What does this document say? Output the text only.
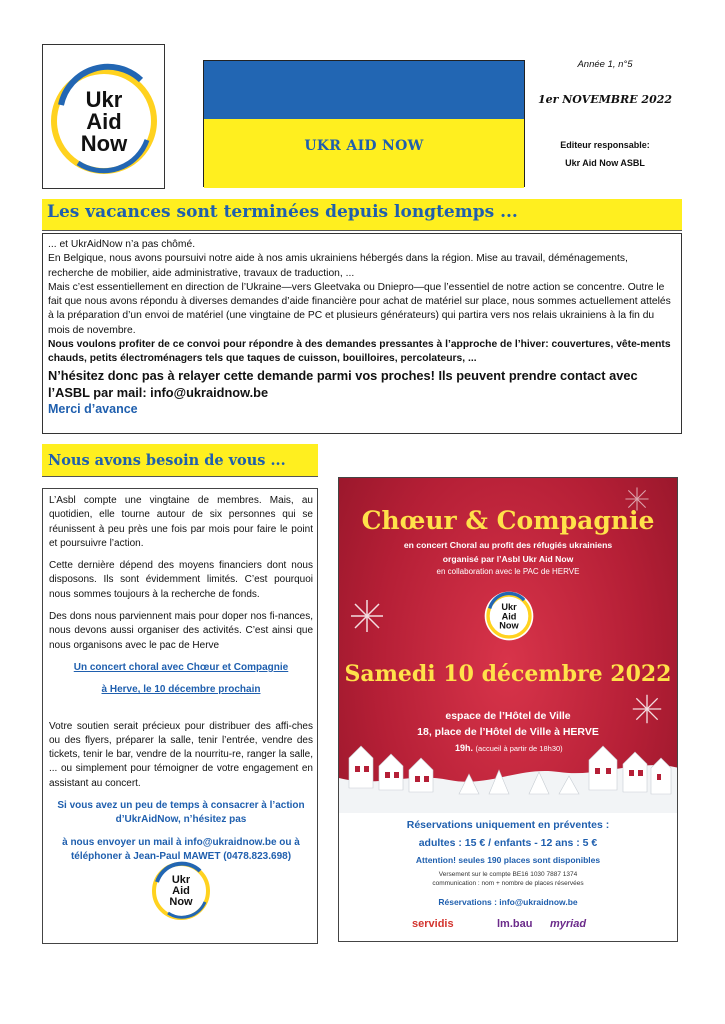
Ukr
Aid
Now	UKR AID NOW
Année 1, n°5
1er NOVEMBRE 2022
Editeur responsable:
Ukr Aid Now ASBL
Les vacances sont terminées depuis longtemps ...

... et UkrAidNow n’a pas chômé.

En Belgique, nous avons poursuivi notre aide à nos amis ukrainiens hébergés dans la région. Mise au travail, déménagements, recherche de mobilier, aide administrative, travaux de traduction, ...

Mais c’est essentiellement en direction de l’Ukraine—vers Gleetvaka ou Dniepro—que l’essentiel de notre action se concentre. Outre le fait que nous avons répondu à diverses demandes d’aide financière pour achat de matériel sur place, nous sommes actuellement attelés à la préparation d’un envoi de matériel (une vingtaine de PC et plusieurs générateurs) qui partira vers nos relais ukrainiens à la fin du mois de novembre.

Nous voulons profiter de ce convoi pour répondre à des demandes pressantes à l’approche de l’hiver: couvertures, vête-ments chauds, petits électroménagers tels que taques de cuisson, bouilloires, percolateurs, ...

N’hésitez donc pas à relayer cette demande parmi vos proches! Ils peuvent prendre contact avec l’ASBL par mail: info@ukraidnow.be

Merci d’avance

Nous avons besoin de vous ...

L’Asbl compte une vingtaine de membres. Mais, au quotidien, elle tourne autour de six personnes qui se réunissent à peu près une fois par mois pour faire le point et poursuivre l’action.

Cette dernière dépend des moyens financiers dont nous disposons. Ils sont évidemment limités. C’est pourquoi nous sommes toujours à la recherche de fonds.

Des dons nous parviennent mais pour doper nos fi-nances, nous devons aussi organiser des activités. C’est ainsi que nous organisons avec le pac de Herve

Un concert choral avec Chœur et Compagnie
à Herve, le 10 décembre prochain

Votre soutien serait précieux pour distribuer des affi-ches ou des flyers, préparer la salle, tenir l’entrée, vendre des tickets, tenir le bar, vendre de la nourritu-re, ranger la salle, ... ou simplement pour témoigner de votre engagement en assistant au concert.

Si vous avez un peu de temps à consacrer à l’action d’UkrAidNow, n’hésitez pas

à nous envoyer un mail à info@ukraidnow.be ou à téléphoner à Jean-Paul MAWET (0478.823.698)

Ukr
Aid
Now
Chœur & Compagnie
en concert Choral au profit des réfugiés ukrainiens
organisé par l’Asbl Ukr Aid Now
en collaboration avec le PAC de HERVE
Ukr
Aid
Now
Samedi 10 décembre 2022
espace de l’Hôtel de Ville
18, place de l’Hôtel de Ville à HERVE
19h. (accueil à partir de 18h30)
Réservations uniquement en préventes :
adultes : 15 € / enfants - 12 ans : 5 €
Attention! seules 190 places sont disponibles
Versement sur le compte BE16 1030 7887 1374
communication : nom + nombre de places réservées
Réservations : info@ukraidnow.be
servidis	lm.bau myriad
